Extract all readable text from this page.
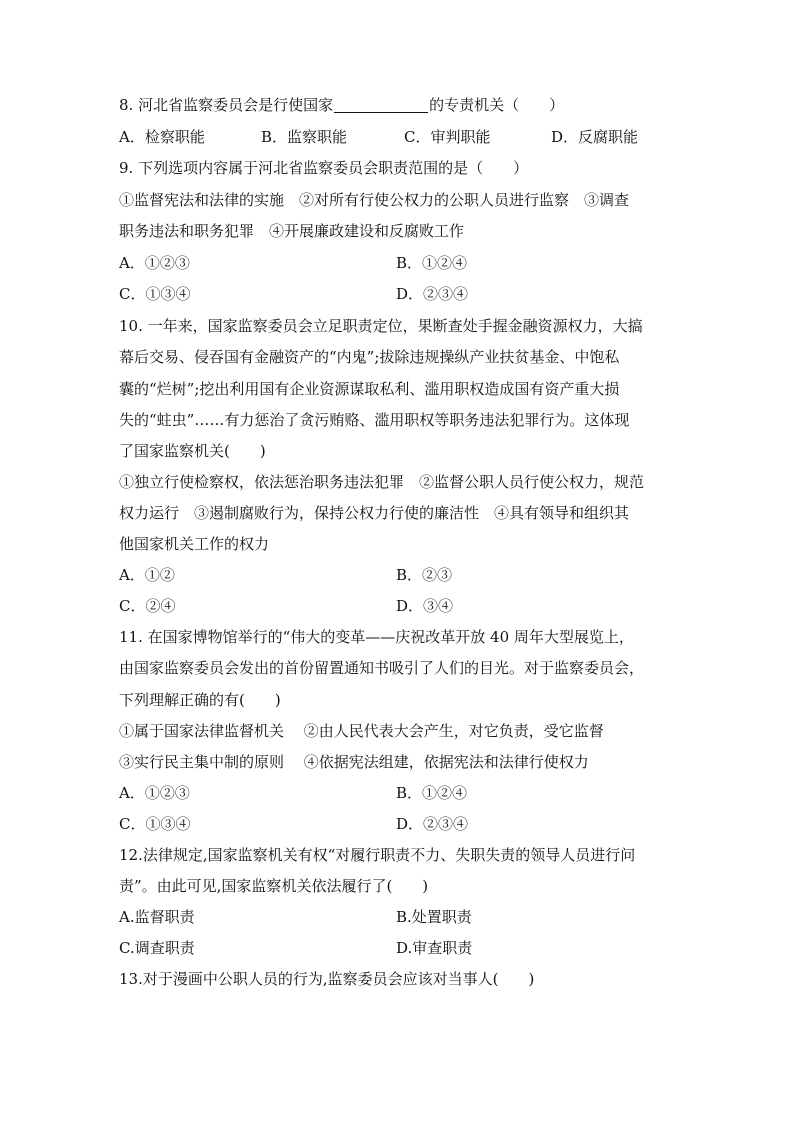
8. 河北省监察委员会是行使国家	的专责机关（　　）
A．检察职能	B．监察职能	C．审判职能	D．反腐职能
9. 下列选项内容属于河北省监察委员会职责范围的是（　　）
①监督宪法和法律的实施　②对所有行使公权力的公职人员进行监察　③调查
职务违法和职务犯罪　④开展廉政建设和反腐败工作
A．①②③	B．①②④
C．①③④	D．②③④
10. 一年来，国家监察委员会立足职责定位，果断查处手握金融资源权力，大搞
幕后交易、侵吞国有金融资产的“内鬼”;拔除违规操纵产业扶贫基金、中饱私
囊的“烂树”;挖出利用国有企业资源谋取私利、滥用职权造成国有资产重大损
失的“蛀虫”……有力惩治了贪污贿赂、滥用职权等职务违法犯罪行为。这体现
了国家监察机关(　　)
①独立行使检察权，依法惩治职务违法犯罪　②监督公职人员行使公权力，规范
权力运行　③遏制腐败行为，保持公权力行使的廉洁性　④具有领导和组织其
他国家机关工作的权力
A．①②	B．②③
C．②④	D．③④
11. 在国家博物馆举行的“伟大的变革——庆祝改革开放 40 周年大型展览上，
由国家监察委员会发出的首份留置通知书吸引了人们的目光。对于监察委员会，
下列理解正确的有(　　)
①属于国家法律监督机关　 ②由人民代表大会产生，对它负责，受它监督
③实行民主集中制的原则　 ④依据宪法组建，依据宪法和法律行使权力
A．①②③	B．①②④
C．①③④	D．②③④
12.法律规定,国家监察机关有权“对履行职责不力、失职失责的领导人员进行问
责”。由此可见,国家监察机关依法履行了(　　)
A.监督职责	B.处置职责
C.调查职责	D.审查职责
13.对于漫画中公职人员的行为,监察委员会应该对当事人(　　)
